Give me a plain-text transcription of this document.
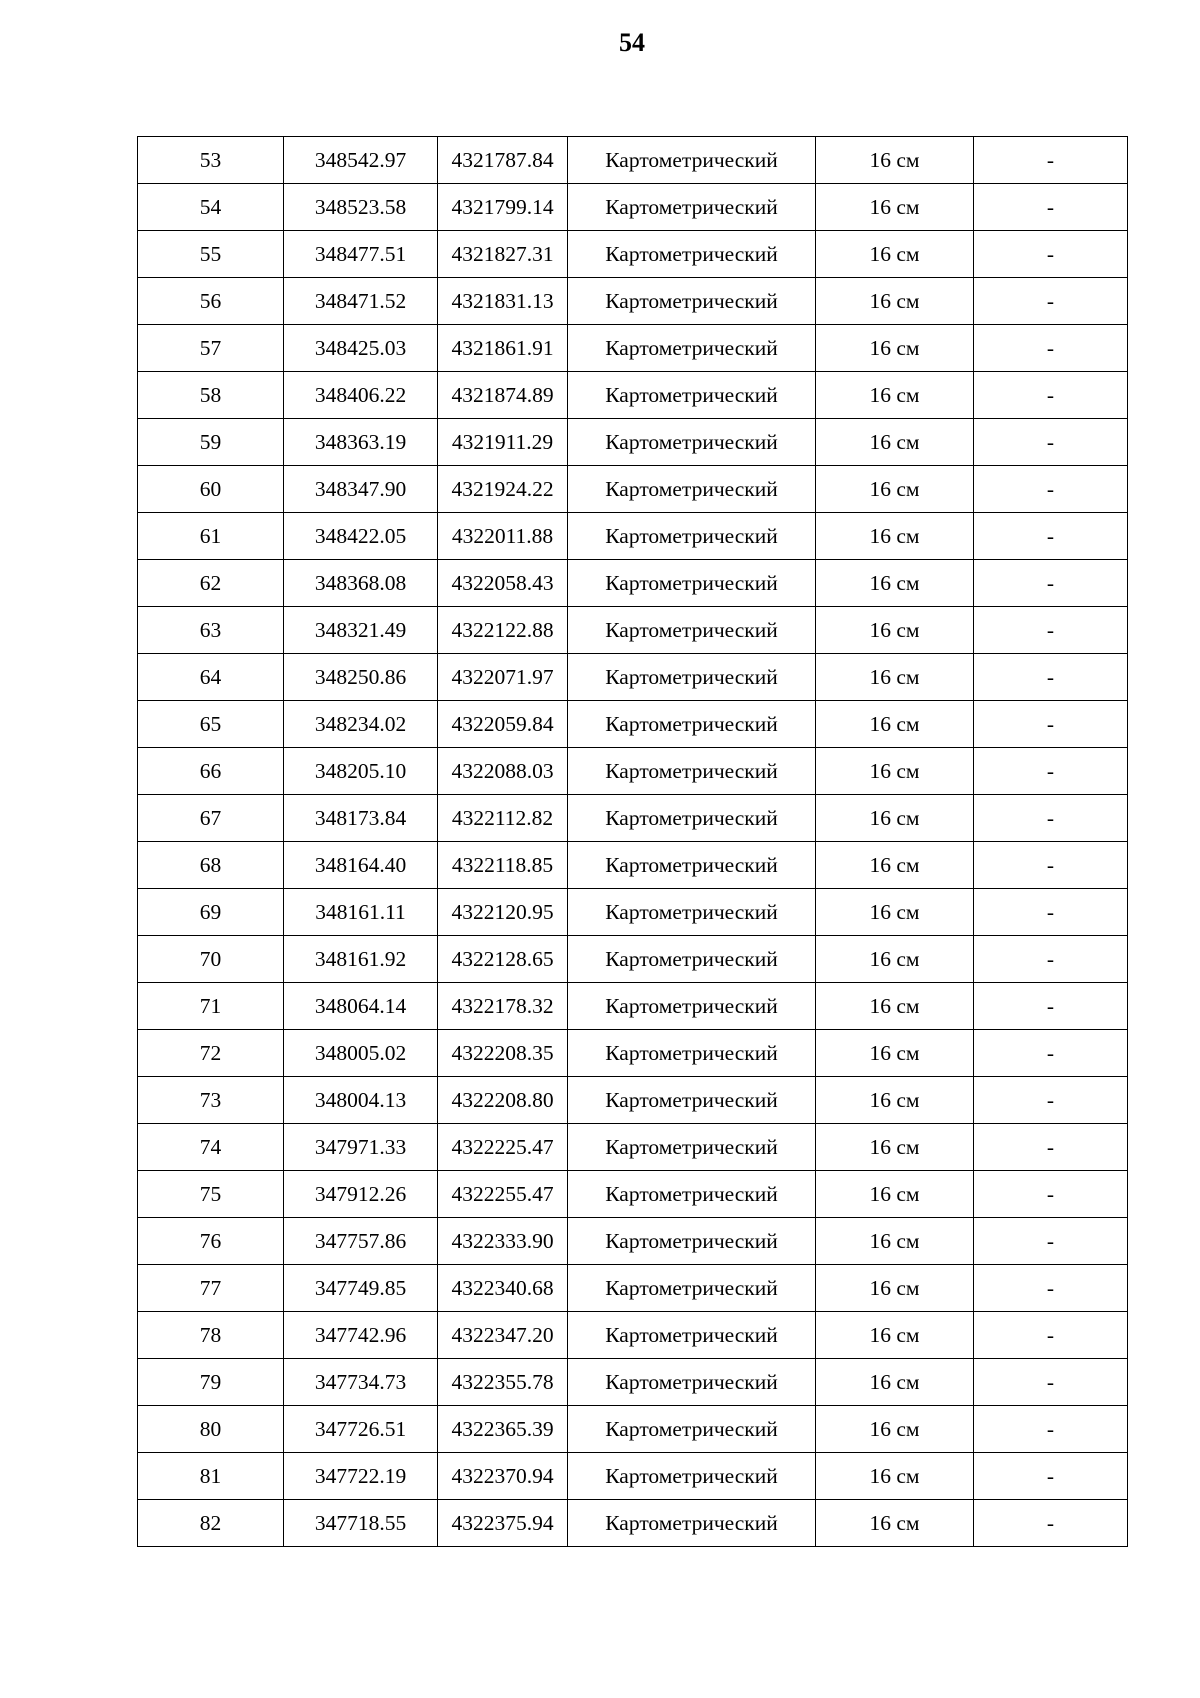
54
53	348542.97	4321787.84	Картометрический	16 см	-
54	348523.58	4321799.14	Картометрический	16 см	-
55	348477.51	4321827.31	Картометрический	16 см	-
56	348471.52	4321831.13	Картометрический	16 см	-
57	348425.03	4321861.91	Картометрический	16 см	-
58	348406.22	4321874.89	Картометрический	16 см	-
59	348363.19	4321911.29	Картометрический	16 см	-
60	348347.90	4321924.22	Картометрический	16 см	-
61	348422.05	4322011.88	Картометрический	16 см	-
62	348368.08	4322058.43	Картометрический	16 см	-
63	348321.49	4322122.88	Картометрический	16 см	-
64	348250.86	4322071.97	Картометрический	16 см	-
65	348234.02	4322059.84	Картометрический	16 см	-
66	348205.10	4322088.03	Картометрический	16 см	-
67	348173.84	4322112.82	Картометрический	16 см	-
68	348164.40	4322118.85	Картометрический	16 см	-
69	348161.11	4322120.95	Картометрический	16 см	-
70	348161.92	4322128.65	Картометрический	16 см	-
71	348064.14	4322178.32	Картометрический	16 см	-
72	348005.02	4322208.35	Картометрический	16 см	-
73	348004.13	4322208.80	Картометрический	16 см	-
74	347971.33	4322225.47	Картометрический	16 см	-
75	347912.26	4322255.47	Картометрический	16 см	-
76	347757.86	4322333.90	Картометрический	16 см	-
77	347749.85	4322340.68	Картометрический	16 см	-
78	347742.96	4322347.20	Картометрический	16 см	-
79	347734.73	4322355.78	Картометрический	16 см	-
80	347726.51	4322365.39	Картометрический	16 см	-
81	347722.19	4322370.94	Картометрический	16 см	-
82	347718.55	4322375.94	Картометрический	16 см	-
